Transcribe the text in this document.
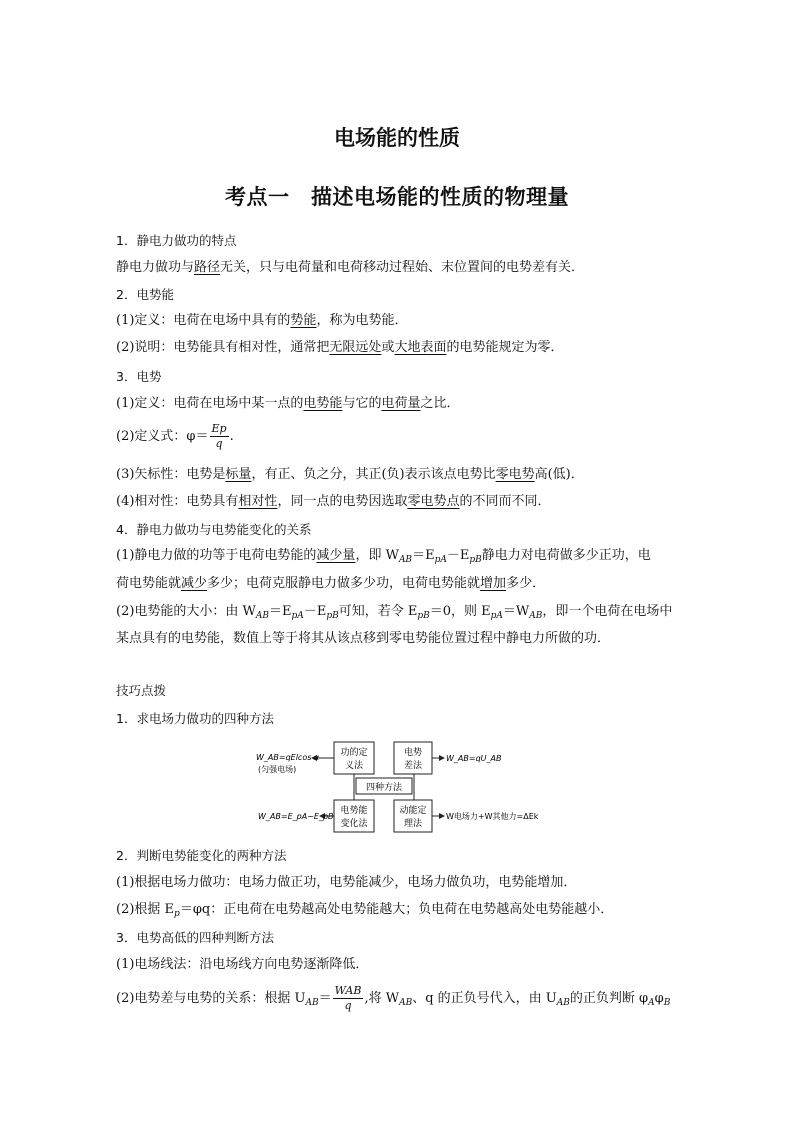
电场能的性质
考点一　描述电场能的性质的物理量
1．静电力做功的特点
静电力做功与路径无关，只与电荷量和电荷移动过程始、末位置间的电势差有关．
2．电势能
(1)定义：电荷在电场中具有的势能，称为电势能．
(2)说明：电势能具有相对性，通常把无限远处或大地表面的电势能规定为零．
3．电势
(1)定义：电荷在电场中某一点的电势能与它的电荷量之比．
(2)定义式：$\varphi= \frac{Ep}{q}$ .
(3)矢标性：电势是标量，有正、负之分，其正(负)表示该点电势比零电势高(低)．
(4)相对性：电势具有相对性，同一点的电势因选取零电势点的不同而不同．
4．静电力做功与电势能变化的关系
(1)静电力做的功等于电荷电势能的减少量，即 $W_{AB}=E_{pA}-E_{pB}$静电力对电荷做多少正功，电
荷电势能就减少多少；电荷克服静电力做多少功，电荷电势能就增加多少．
(2)电势能的大小：由 $W_{AB}=E_{pA}-E_{pB}$可知，若令 $E_{pB}=0$，则 $E_{pA}=W_{AB}$，即一个电荷在电场中
某点具有的电势能，数值上等于将其从该点移到零电势能位置过程中静电力所做的功．
技巧点拨
1．求电场力做功的四种方法
W_AB=qElcos α
(匀强电场)
功的定
义法
电势
差法
W_AB=qU_AB
四种方法
W_AB=E_pA−E_pB
电势能
变化法
动能定
理法
W电场力+W其他力=ΔEk
2．判断电势能变化的两种方法
(1)根据电场力做功：电场力做正功，电势能减少，电场力做负功，电势能增加．
(2)根据 $E_p=\varphi q$：正电荷在电势越高处电势能越大；负电荷在电势越高处电势能越小．
3．电势高低的四种判断方法
(1)电场线法：沿电场线方向电势逐渐降低．
(2)电势差与电势的关系：根据 $U_{AB}= \frac{\text{WAB}}{q}$ ,将 $W_{AB}$、q 的正负号代入，由 $U_{AB}$的正负判断 $\varphi_A\varphi_B$
